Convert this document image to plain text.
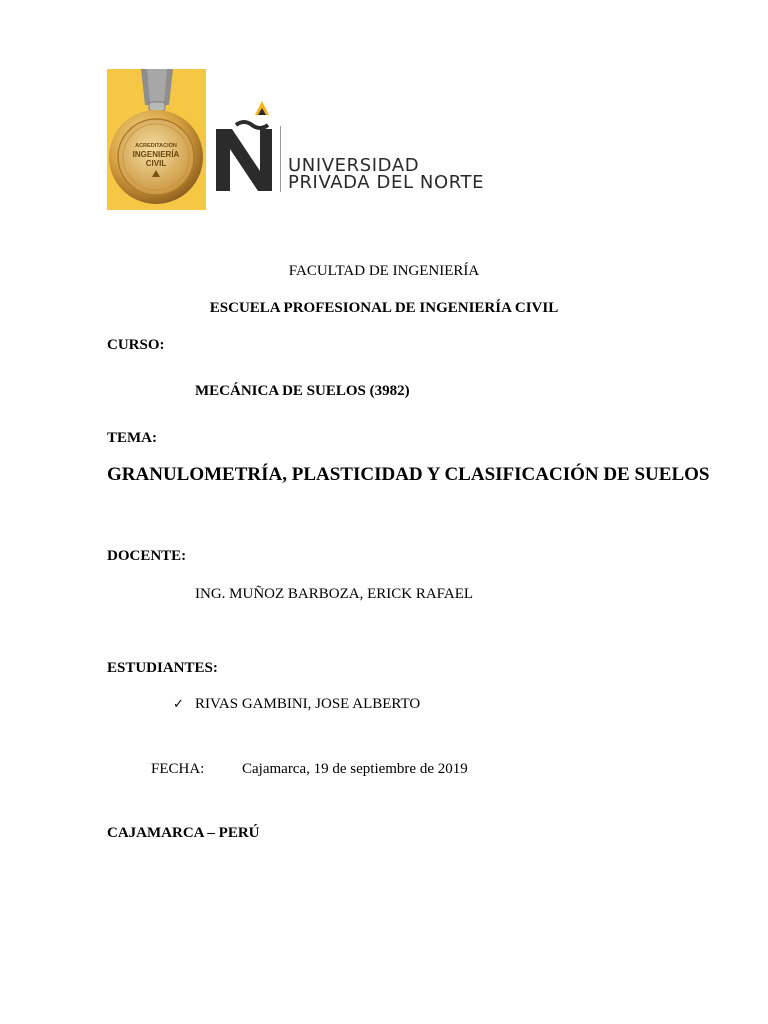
ACREDITACIÓN
INGENIERÍA
CIVIL	UNIVERSIDAD
PRIVADA DEL NORTE
FACULTAD DE INGENIERÍA
ESCUELA PROFESIONAL DE INGENIERÍA CIVIL
CURSO:
MECÁNICA DE SUELOS (3982)
TEMA:
GRANULOMETRÍA, PLASTICIDAD Y CLASIFICACIÓN DE SUELOS
DOCENTE:
ING. MUÑOZ BARBOZA, ERICK RAFAEL
ESTUDIANTES:
✓ RIVAS GAMBINI, JOSE ALBERTO
FECHA:	Cajamarca, 19 de septiembre de 2019
CAJAMARCA – PERÚ
